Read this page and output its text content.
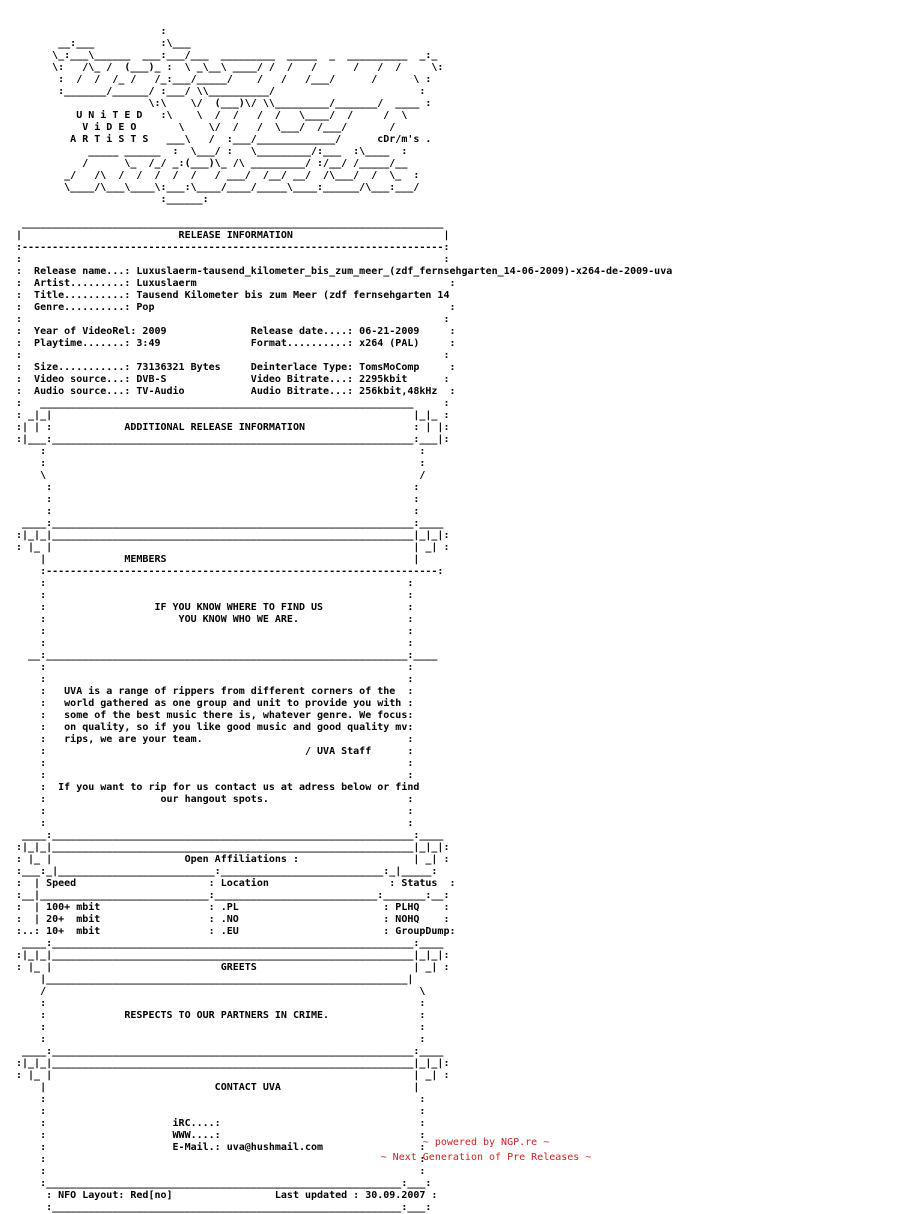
:
__:___           :\___
\_:___\______  ___:___/___  _________  _____  _  __________  _:_
\:   /\_ /  (___)_ :  \ _\__\ ____/ /  /   /      /   /  /     \:
:  /  /  /_ /   /_:___/_____/    /   /   /___/      /      \ :
:_______/______/ :___/ \\__________/                        :
\:\    \/  (___)\/ \\_________/_______/  ____ :
U N i T E D   :\    \  /  /   /  /   \____/  /     /  \
V i D E O       \    \/  /   /  \___/  /___/       /
A R T i S T S   ___\   /  :___/_____________/      cDr/m's .
_____ ______  :  \___/ :   \_________/:___  :\____  :
/      \_  /_/ _:(___)\_ /\ _________/ :/__/ /_____/__
_/   /\  /  /  /  /  /   / ___/  /__/ __/  /\___/  /  \_  :
\____/\___\____\:___:\____/____/_____\____:______/\___:___/
:______:
______________________________________________________________________
|                          RELEASE INFORMATION                         |
:----------------------------------------------------------------------:
:                                                                      :
:  Release name...: Luxuslaerm-tausend_kilometer_bis_zum_meer_(zdf_fernsehgarten_14-06-2009)-x264-de-2009-uva
:  Artist.........: Luxuslaerm                                          :
:  Title..........: Tausend Kilometer bis zum Meer (zdf fernsehgarten 14
:  Genre..........: Pop                                                 :
:                                                                      :
:  Year of VideoRel: 2009              Release date....: 06-21-2009     :
:  Playtime.......: 3:49               Format..........: x264 (PAL)     :
:                                                                      :
:  Size...........: 73136321 Bytes     Deinterlace Type: TomsMoComp     :
:  Video source...: DVB-S              Video Bitrate...: 2295kbit      :
:  Audio source...: TV-Audio           Audio Bitrate...: 256kbit,48kHz  :
:   ______________________________________________________________     :
: _|_|                                                            |_|_ :
:| | :            ADDITIONAL RELEASE INFORMATION                  : | |:
:|___:____________________________________________________________:___|:
:                                                              :
:                                                              :
\                                                              /
:                                                            :
:                                                            :
:                                                            :
____:____________________________________________________________:____
:|_|_|____________________________________________________________|_|_|:
: |_ |                                                            | _| :
|             MEMBERS                                         |
:-----------------------------------------------------------------:
:                                                            :
:                                                            :
:                  IF YOU KNOW WHERE TO FIND US              :
:                      YOU KNOW WHO WE ARE.                  :
:                                                            :
:                                                            :
__:____________________________________________________________:____
:                                                            :
:                                                            :
:   UVA is a range of rippers from different corners of the  :
:   world gathered as one group and unit to provide you with :
:   some of the best music there is, whatever genre. We focus:
:   on quality, so if you like good music and good quality mv:
:   rips, we are your team.                                  :
:                                           / UVA Staff      :
:                                                            :
:                                                            :
:  If you want to rip for us contact us at adress below or find
:                   our hangout spots.                       :
:                                                            :
:                                                            :
____:____________________________________________________________:____
:|_|_|____________________________________________________________|_|_|:
: |_ |                      Open Affiliations :                   | _| :
:___:_|__________________________:___________________________:_|_____:
:  | Speed                      : Location                    : Status  :
:__|____________________________:___________________________:_______:__:
:  | 100+ mbit                  : .PL                        : PLHQ    :
:  | 20+  mbit                  : .NO                        : NOHQ    :
:..: 10+  mbit                  : .EU                        : GroupDump:
____:____________________________________________________________:____
:|_|_|____________________________________________________________|_|_|:
: |_ |                            GREETS                          | _| :
|____________________________________________________________|
/                                                              \
:                                                              :
:             RESPECTS TO OUR PARTNERS IN CRIME.               :
:                                                              :
:                                                              :
____:____________________________________________________________:____
:|_|_|____________________________________________________________|_|_|:
: |_ |                                                            | _| :
|                            CONTACT UVA                      |
:                                                              :
:                                                              :
:                     iRC....:                                 :
:                     WWW....:                                 :
:                     E-Mail.: uva@hushmail.com                :
:                                                              :
:                                                              :
:___________________________________________________________:___:
: NFO Layout: Red[no]                 Last updated : 30.09.2007 :
:__________________________________________________________:___:
~ powered by NGP.re ~
~ Next Generation of Pre Releases ~
